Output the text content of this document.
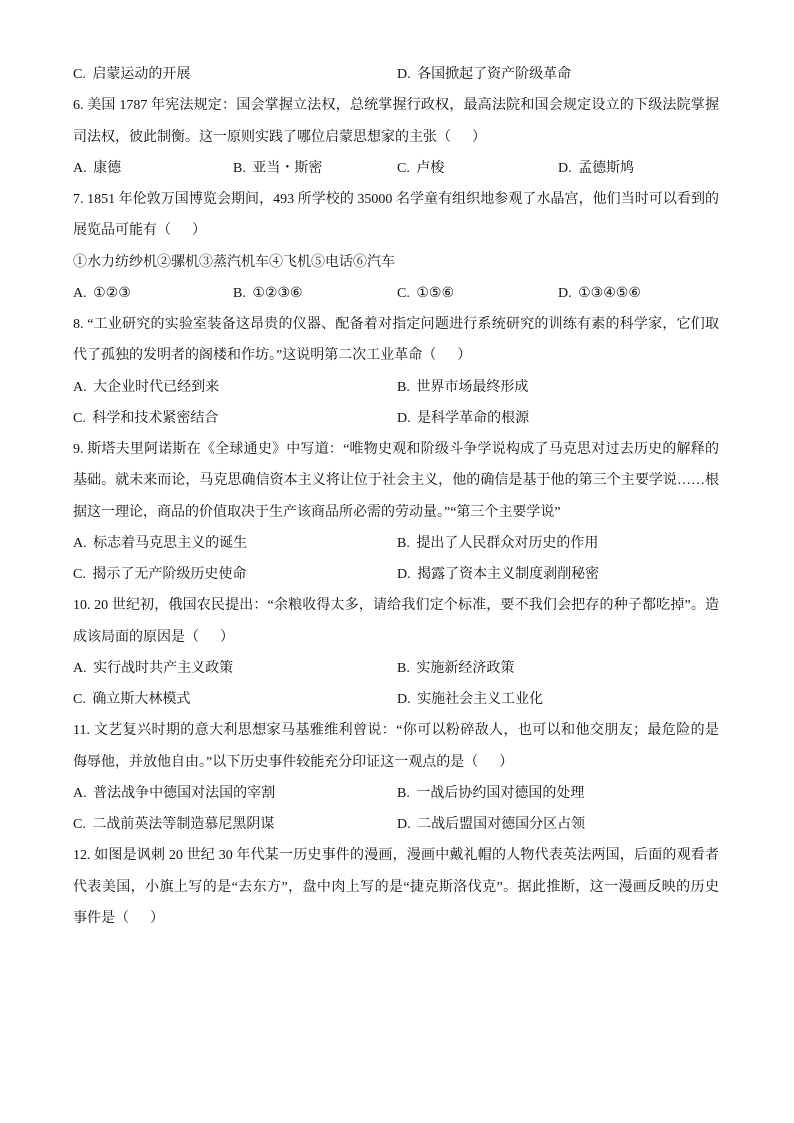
C. 启蒙运动的开展	D. 各国掀起了资产阶级革命
6. 美国 1787 年宪法规定：国会掌握立法权，总统掌握行政权，最高法院和国会规定设立的下级法院掌握
司法权，彼此制衡。这一原则实践了哪位启蒙思想家的主张（      ）
A. 康德	B. 亚当・斯密	C. 卢梭	D. 孟德斯鸠
7. 1851 年伦敦万国博览会期间，493 所学校的 35000 名学童有组织地参观了水晶宫，他们当时可以看到的
展览品可能有（      ）
①水力纺纱机②骡机③蒸汽机车④飞机⑤电话⑥汽车
A. ①②③	B. ①②③⑥	C. ①⑤⑥	D. ①③④⑤⑥
8. “工业研究的实验室装备这昂贵的仪器、配备着对指定问题进行系统研究的训练有素的科学家，它们取
代了孤独的发明者的阁楼和作坊。”这说明第二次工业革命（      ）
A. 大企业时代已经到来	B. 世界市场最终形成
C. 科学和技术紧密结合	D. 是科学革命的根源
9. 斯塔夫里阿诺斯在《全球通史》中写道：“唯物史观和阶级斗争学说构成了马克思对过去历史的解释的
基础。就未来而论，马克思确信资本主义将让位于社会主义，他的确信是基于他的第三个主要学说……根
据这一理论，商品的价值取决于生产该商品所必需的劳动量。”“第三个主要学说”
A. 标志着马克思主义的诞生	B. 提出了人民群众对历史的作用
C. 揭示了无产阶级历史使命	D. 揭露了资本主义制度剥削秘密
10. 20 世纪初，俄国农民提出：“余粮收得太多，请给我们定个标准，要不我们会把存的种子都吃掉”。造
成该局面的原因是（      ）
A. 实行战时共产主义政策	B. 实施新经济政策
C. 确立斯大林模式	D. 实施社会主义工业化
11. 文艺复兴时期的意大利思想家马基雅维利曾说：“你可以粉碎敌人，也可以和他交朋友；最危险的是
侮辱他，并放他自由。”以下历史事件较能充分印证这一观点的是（      ）
A. 普法战争中德国对法国的宰割	B. 一战后协约国对德国的处理
C. 二战前英法等制造慕尼黑阴谋	D. 二战后盟国对德国分区占领
12. 如图是讽刺 20 世纪 30 年代某一历史事件的漫画，漫画中戴礼帽的人物代表英法两国，后面的观看者
代表美国，小旗上写的是“去东方”，盘中肉上写的是“捷克斯洛伐克”。据此推断，这一漫画反映的历史
事件是（      ）
